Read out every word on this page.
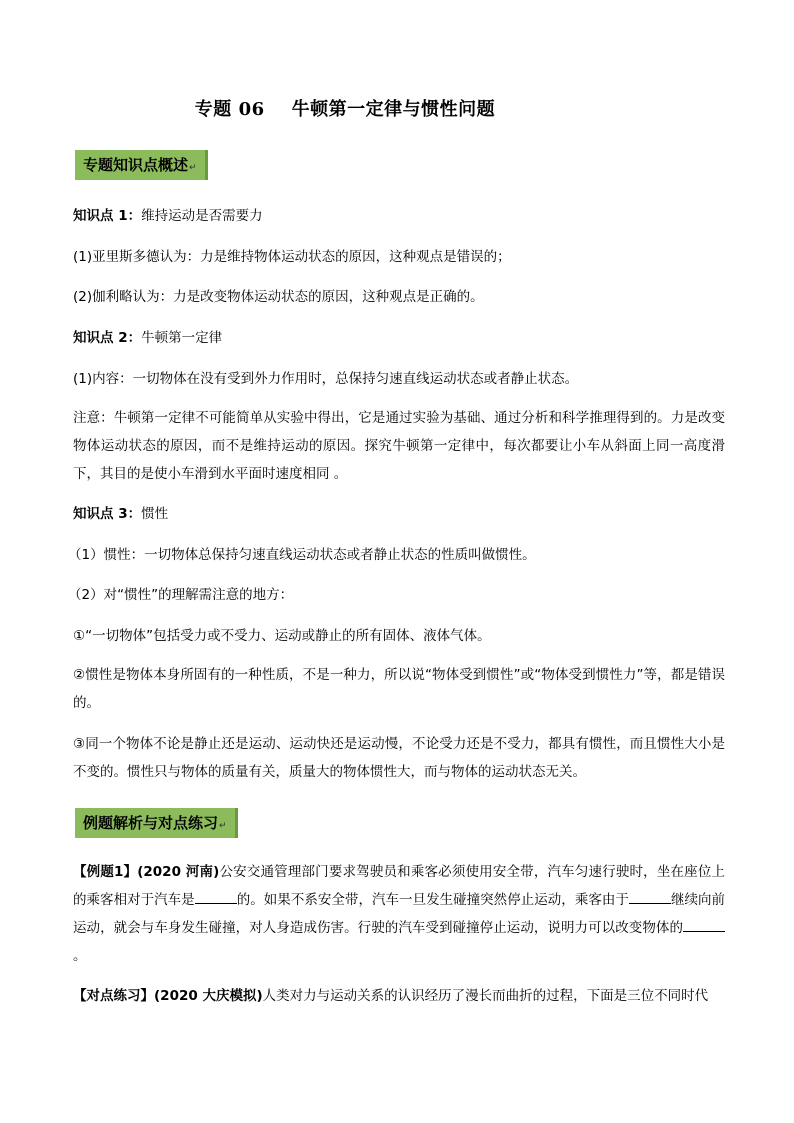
专题 06    牛顿第一定律与惯性问题
专题知识点概述↵
知识点 1：维持运动是否需要力
(1)亚里斯多德认为：力是维持物体运动状态的原因，这种观点是错误的；
(2)伽利略认为：力是改变物体运动状态的原因，这种观点是正确的。
知识点 2：牛顿第一定律
(1)内容：一切物体在没有受到外力作用时，总保持匀速直线运动状态或者静止状态。
注意：牛顿第一定律不可能简单从实验中得出，它是通过实验为基础、通过分析和科学推理得到的。力是改变物体运动状态的原因，而不是维持运动的原因。探究牛顿第一定律中，每次都要让小车从斜面上同一高度滑下，其目的是使小车滑到水平面时速度相同 。
知识点 3：惯性
（1）惯性：一切物体总保持匀速直线运动状态或者静止状态的性质叫做惯性。
（2）对“惯性”的理解需注意的地方：
①“一切物体”包括受力或不受力、运动或静止的所有固体、液体气体。
②惯性是物体本身所固有的一种性质，不是一种力，所以说“物体受到惯性”或“物体受到惯性力”等，都是错误的。
③同一个物体不论是静止还是运动、运动快还是运动慢，不论受力还是不受力，都具有惯性，而且惯性大小是不变的。惯性只与物体的质量有关，质量大的物体惯性大，而与物体的运动状态无关。
例题解析与对点练习↵
【例题1】(2020 河南)公安交通管理部门要求驾驶员和乘客必须使用安全带，汽车匀速行驶时，坐在座位上的乘客相对于汽车是	的。如果不系安全带，汽车一旦发生碰撞突然停止运动，乘客由于	继续向前运动，就会与车身发生碰撞，对人身造成伤害。行驶的汽车受到碰撞停止运动，说明力可以改变物体的。
【对点练习】(2020 大庆模拟)人类对力与运动关系的认识经历了漫长而曲折的过程，下面是三位不同时代
